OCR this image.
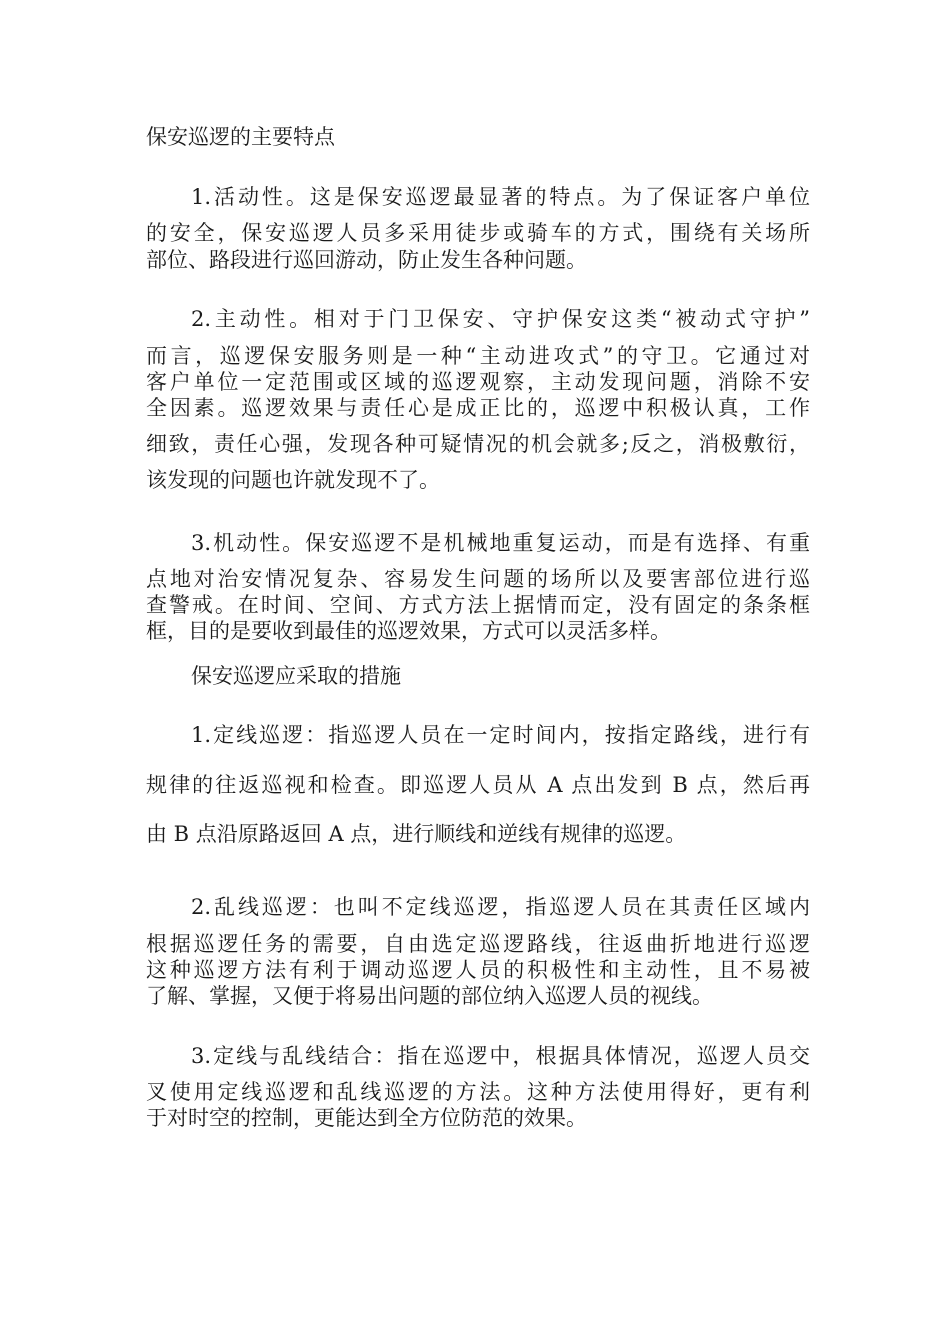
保安巡逻的主要特点
1.活动性。这是保安巡逻最显著的特点。为了保证客户单位
的安全，保安巡逻人员多采用徒步或骑车的方式，围绕有关场所
部位、路段进行巡回游动，防止发生各种问题。
2.主动性。相对于门卫保安、守护保安这类“被动式守护”
而言，巡逻保安服务则是一种“主动进攻式”的守卫。它通过对
客户单位一定范围或区域的巡逻观察，主动发现问题，消除不安
全因素。巡逻效果与责任心是成正比的，巡逻中积极认真，工作
细致，责任心强，发现各种可疑情况的机会就多;反之，消极敷衍，
该发现的问题也许就发现不了。
3.机动性。保安巡逻不是机械地重复运动，而是有选择、有重
点地对治安情况复杂、容易发生问题的场所以及要害部位进行巡
查警戒。在时间、空间、方式方法上据情而定，没有固定的条条框
框，目的是要收到最佳的巡逻效果，方式可以灵活多样。
保安巡逻应采取的措施
1.定线巡逻：指巡逻人员在一定时间内，按指定路线，进行有
规律的往返巡视和检查。即巡逻人员从 A 点出发到 B 点，然后再
由 B 点沿原路返回 A 点，进行顺线和逆线有规律的巡逻。
2.乱线巡逻：也叫不定线巡逻，指巡逻人员在其责任区域内
根据巡逻任务的需要，自由选定巡逻路线，往返曲折地进行巡逻
这种巡逻方法有利于调动巡逻人员的积极性和主动性，且不易被
了解、掌握，又便于将易出问题的部位纳入巡逻人员的视线。
3.定线与乱线结合：指在巡逻中，根据具体情况，巡逻人员交
叉使用定线巡逻和乱线巡逻的方法。这种方法使用得好，更有利
于对时空的控制，更能达到全方位防范的效果。
